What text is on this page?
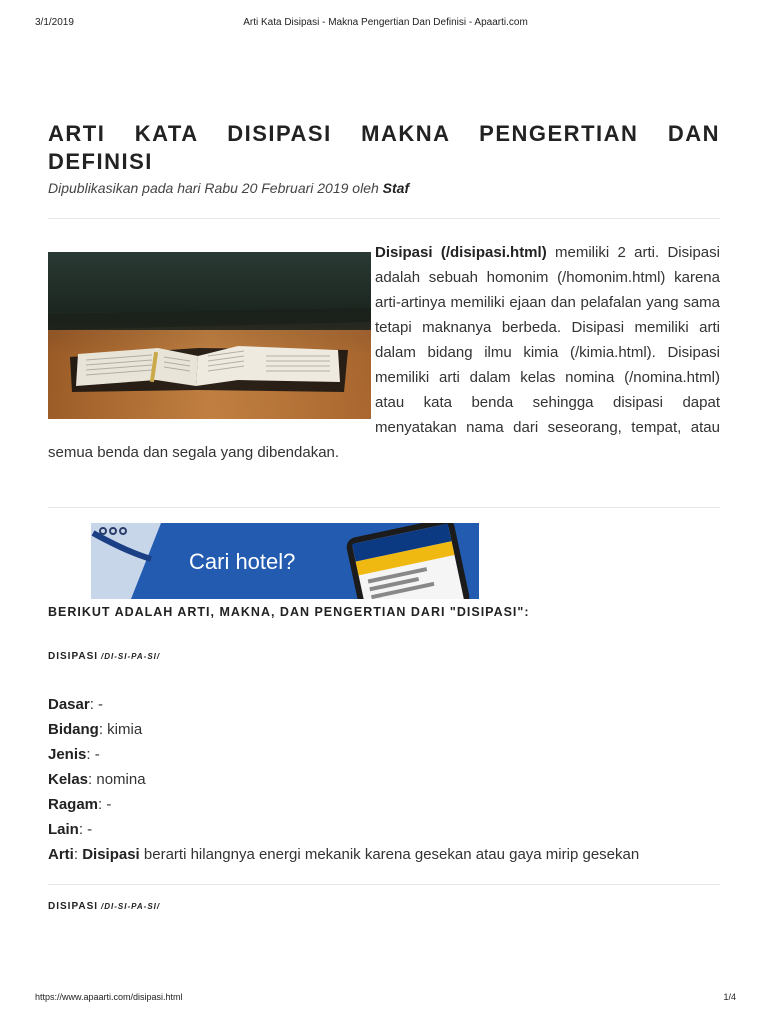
3/1/2019	Arti Kata Disipasi - Makna Pengertian Dan Definisi - Apaarti.com
ARTI KATA DISIPASI MAKNA PENGERTIAN DAN DEFINISI
Dipublikasikan pada hari Rabu 20 Februari 2019 oleh Staf

Disipasi (/disipasi.html) memiliki 2 arti. Disipasi adalah sebuah homonim (/homonim.html) karena arti-artinya memiliki ejaan dan pelafalan yang sama tetapi maknanya berbeda. Disipasi memiliki arti dalam bidang ilmu kimia (/kimia.html). Disipasi memiliki arti dalam kelas nomina (/nomina.html) atau kata benda sehingga disipasi dapat menyatakan nama dari seseorang, tempat, atau semua benda dan segala yang dibendakan.

Cari hotel?
BERIKUT ADALAH ARTI, MAKNA, DAN PENGERTIAN DARI "DISIPASI":
DISIPASI /DI-SI-PA-SI/
Dasar: -
Bidang: kimia
Jenis: -
Kelas: nomina
Ragam: -
Lain: -
Arti: Disipasi berarti hilangnya energi mekanik karena gesekan atau gaya mirip gesekan
DISIPASI /DI-SI-PA-SI/
https://www.apaarti.com/disipasi.html	1/4
